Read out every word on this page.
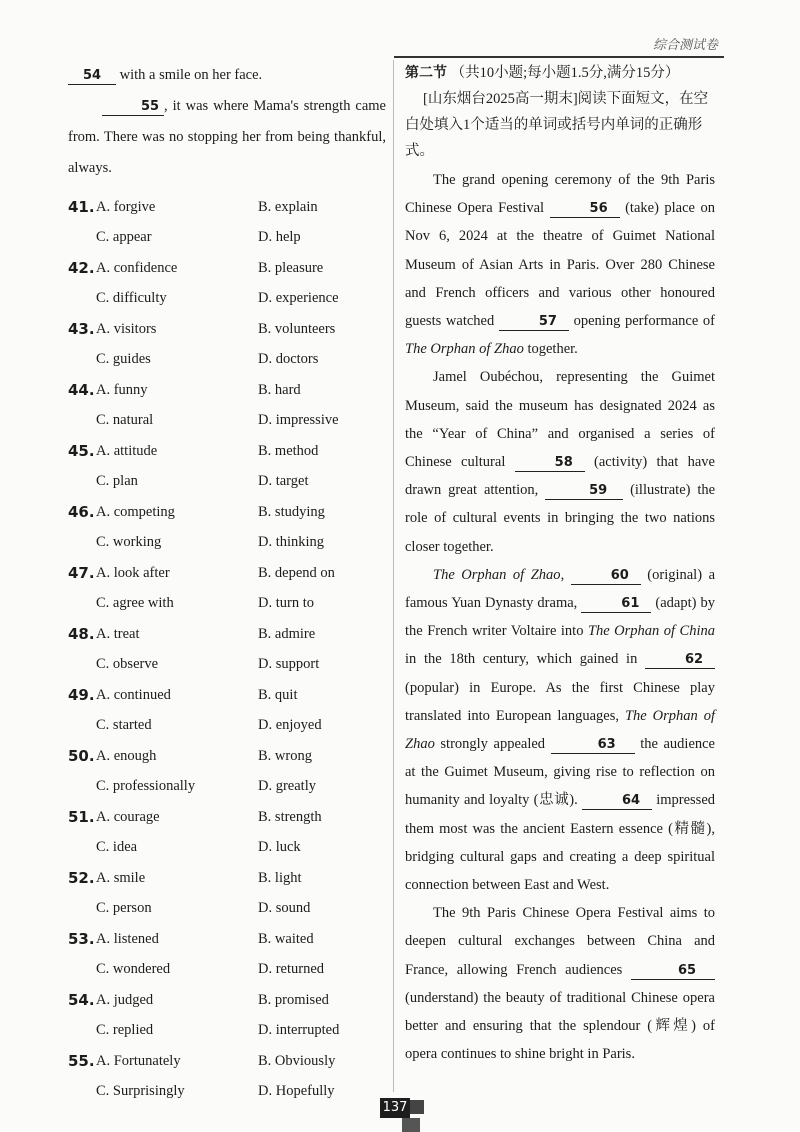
综合测试卷

54 with a smile on her face.

55 , it was where Mama's strength came from. There was no stopping her from being thankful, always.

41. A. forgive	B. explain
C. appear	D. help
42. A. confidence	B. pleasure
C. difficulty	D. experience
43. A. visitors	B. volunteers
C. guides	D. doctors
44. A. funny	B. hard
C. natural	D. impressive
45. A. attitude	B. method
C. plan	D. target
46. A. competing	B. studying
C. working	D. thinking
47. A. look after	B. depend on
C. agree with	D. turn to
48. A. treat	B. admire
C. observe	D. support
49. A. continued	B. quit
C. started	D. enjoyed
50. A. enough	B. wrong
C. professionally	D. greatly
51. A. courage	B. strength
C. idea	D. luck
52. A. smile	B. light
C. person	D. sound
53. A. listened	B. waited
C. wondered	D. returned
54. A. judged	B. promised
C. replied	D. interrupted
55. A. Fortunately	B. Obviously
C. Surprisingly	D. Hopefully

第二节 （共10小题;每小题1.5分,满分15分）

[山东烟台2025高一期末]阅读下面短文，在空白处填入1个适当的单词或括号内单词的正确形式。

The grand opening ceremony of the 9th Paris Chinese Opera Festival	56 (take) place on Nov 6, 2024 at the theatre of Guimet National Museum of Asian Arts in Paris. Over 280 Chinese and French officers and various other honoured guests watched	57 opening performance of The Orphan of Zhao together.

Jamel Oubéchou, representing the Guimet Museum, said the museum has designated 2024 as the “Year of China” and organised a series of Chinese cultural	58 (activity) that have drawn great attention,	59 (illustrate) the role of cultural events in bringing the two nations closer together.

The Orphan of Zhao,	60 (original) a famous Yuan Dynasty drama,	61 (adapt) by the French writer Voltaire into The Orphan of China in the 18th century, which gained in	62 (popular) in Europe. As the first Chinese play translated into European languages, The Orphan of Zhao strongly appealed	63 the audience at the Guimet Museum, giving rise to reflection on humanity and loyalty (忠诚).	64 impressed them most was the ancient Eastern essence (精髓), bridging cultural gaps and creating a deep spiritual connection between East and West.

The 9th Paris Chinese Opera Festival aims to deepen cultural exchanges between China and France, allowing French audiences	65 (understand) the beauty of traditional Chinese opera better and ensuring that the splendour (辉煌) of opera continues to shine bright in Paris.

137
